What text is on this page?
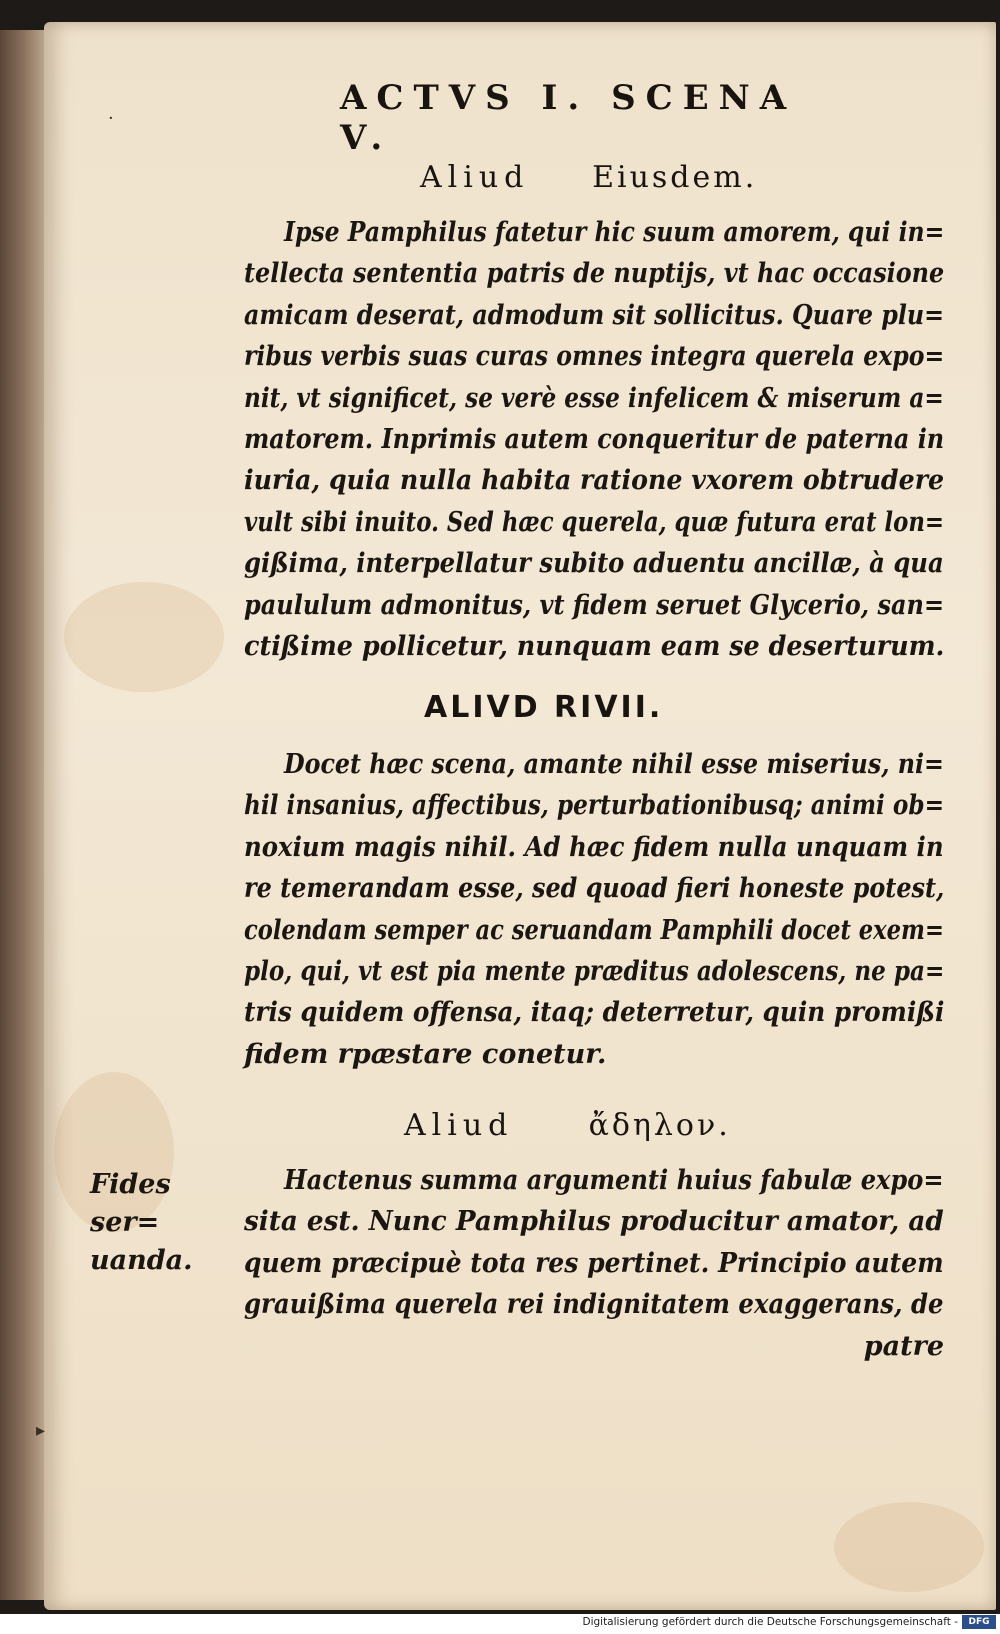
·
▸
ACTVS I. SCENA V.
Aliud Eiusdem.
Ipse Pamphilus fatetur hic suum amorem, qui in=
tellecta sententia patris de nuptijs, vt hac occasione
amicam deserat, admodum sit sollicitus. Quare plu=
ribus verbis suas curas omnes integra querela expo=
nit, vt significet, se verè esse infelicem & miserum a=
matorem. Inprimis autem conqueritur de paterna in
iuria, quia nulla habita ratione vxorem obtrudere
vult sibi inuito. Sed hæc querela, quæ futura erat lon=
gißima, interpellatur subito aduentu ancillæ, à qua
paululum admonitus, vt fidem seruet Glycerio, san=
ctißime pollicetur, nunquam eam se deserturum.
ALIVD RIVII.
Docet hæc scena, amante nihil esse miserius, ni=
hil insanius, affectibus, perturbationibusq; animi ob=
noxium magis nihil. Ad hæc fidem nulla unquam in
re temerandam esse, sed quoad fieri honeste potest,
colendam semper ac seruandam Pamphili docet exem=
plo, qui, vt est pia mente præditus adolescens, ne pa=
tris quidem offensa, itaq; deterretur, quin promißi
fidem rpæstare conetur.
Aliud	ἄδηλον.
Hactenus summa argumenti huius fabulæ expo=
sita est. Nunc Pamphilus producitur amator, ad
quem præcipuè tota res pertinet. Principio autem
grauißima querela rei indignitatem exaggerans, de
patre
Fides ser=
uanda.
Digitalisierung gefördert durch die Deutsche Forschungsgemeinschaft -	DFG
